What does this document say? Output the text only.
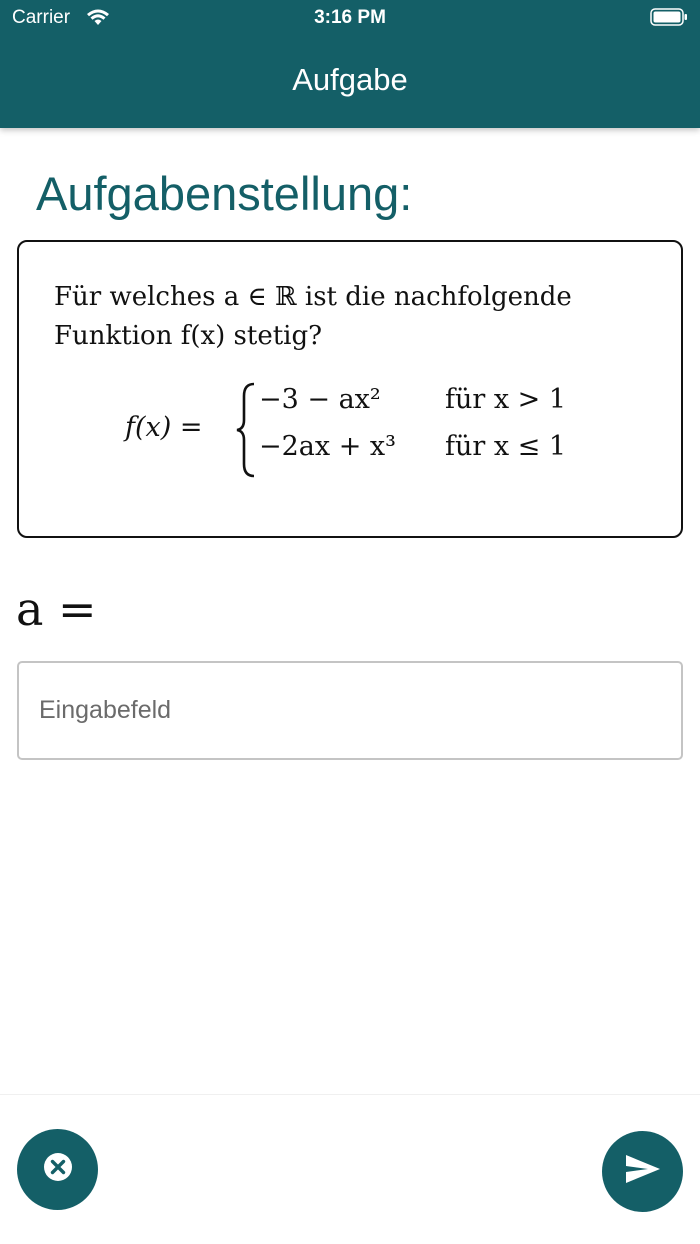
Carrier	3:16 PM
Aufgabe
Aufgabenstellung:
Für welches a ∈ ℝ ist die nachfolgende
Funktion f(x) stetig?
f(x) =
−3 − ax² für x > 1
−2ax + x³ für x ≤ 1
a =
Eingabefeld
